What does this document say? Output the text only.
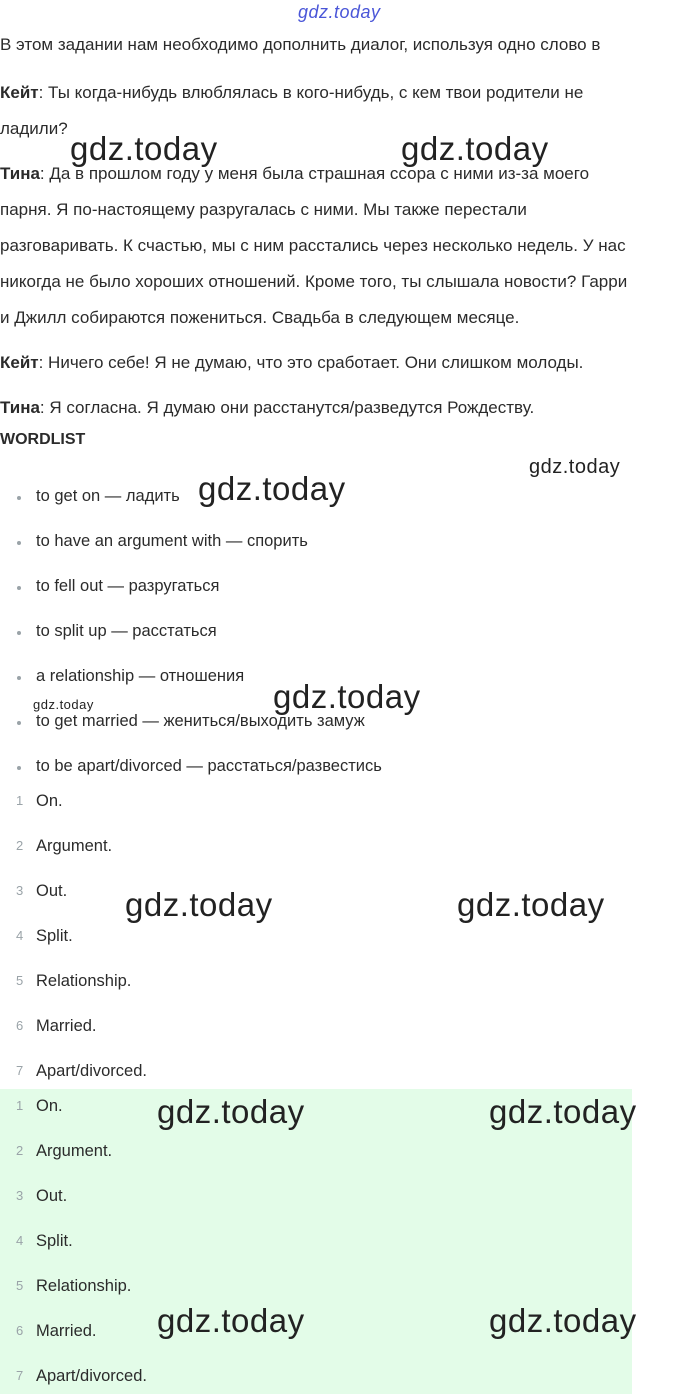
gdz.today

В этом задании нам необходимо дополнить диалог, используя одно слово в

Кейт: Ты когда-нибудь влюблялась в кого-нибудь, с кем твои родители не

ладили?

Тина: Да в прошлом году у меня была страшная ссора с ними из-за моего

парня. Я по-настоящему разругалась с ними. Мы также перестали

разговаривать. К счастью, мы с ним расстались через несколько недель. У нас

никогда не было хороших отношений. Кроме того, ты слышала новости? Гарри

и Джилл собираются пожениться. Свадьба в следующем месяце.

Кейт: Ничего себе! Я не думаю, что это сработает. Они слишком молоды.

Тина: Я согласна. Я думаю они расстанутся/разведутся Рождеству.

WORDLIST
to get on — ладить
to have an argument with — спорить
to fell out — разругаться
to split up — расстаться
a relationship — отношения
to get married — жениться/выходить замуж
to be apart/divorced — расстаться/развестись
1 On.
2 Argument.
3 Out.
4 Split.
5 Relationship.
6 Married.
7 Apart/divorced.
1 On.
2 Argument.
3 Out.
4 Split.
5 Relationship.
6 Married.
7 Apart/divorced.
gdz.today	gdz.today
gdz.today
gdz.today
gdz.today	gdz.today
gdz.today	gdz.today
gdz.today	gdz.today
gdz.today	gdz.today
